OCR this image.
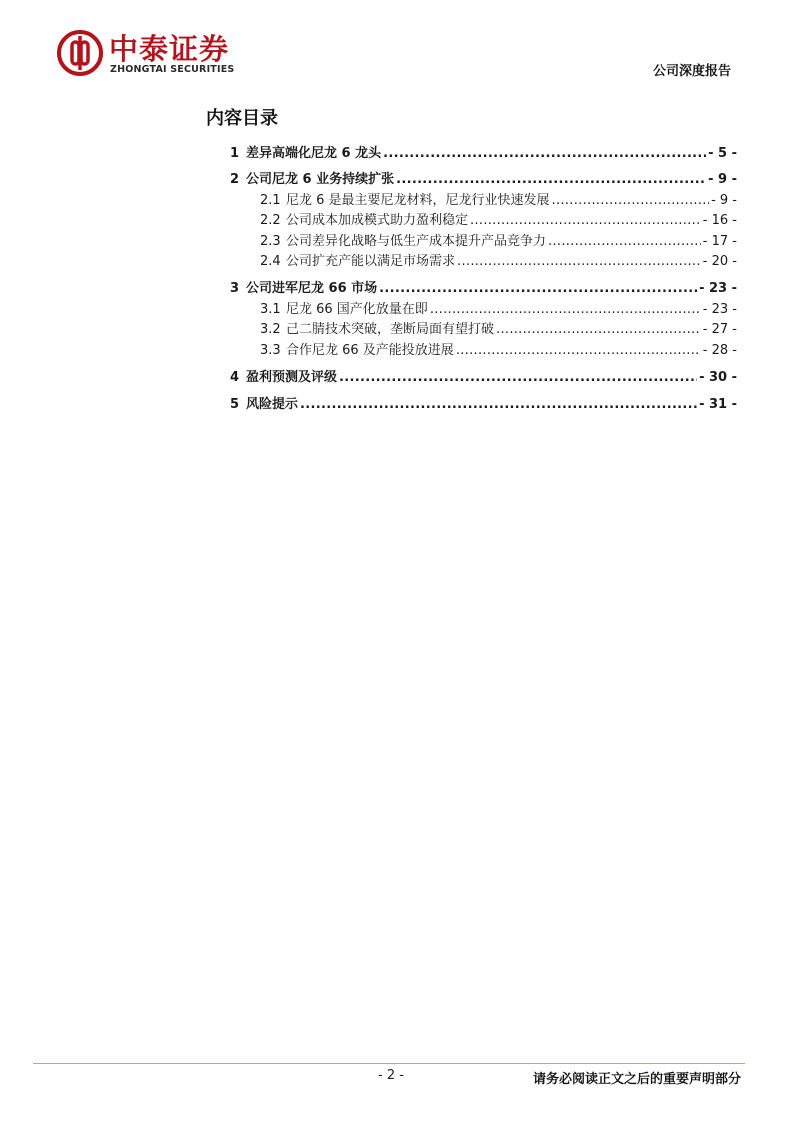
中泰证券
ZHONGTAI SECURITIES	公司深度报告
内容目录
1 差异高端化尼龙 6 龙头 .....	- 5 -
2 公司尼龙 6 业务持续扩张 .....	- 9 -
2.1 尼龙 6 是最主要尼龙材料，尼龙行业快速发展 .....	- 9 -
2.2 公司成本加成模式助力盈利稳定 .....	- 16 -
2.3 公司差异化战略与低生产成本提升产品竞争力 .....	- 17 -
2.4 公司扩充产能以满足市场需求 .....	- 20 -
3 公司进军尼龙 66 市场 .....	- 23 -
3.1 尼龙 66 国产化放量在即 .....	- 23 -
3.2 己二腈技术突破，垄断局面有望打破 .....	- 27 -
3.3 合作尼龙 66 及产能投放进展 .....	- 28 -
4 盈利预测及评级 .....	- 30 -
5 风险提示 .....	- 31 -
- 2 -	请务必阅读正文之后的重要声明部分
